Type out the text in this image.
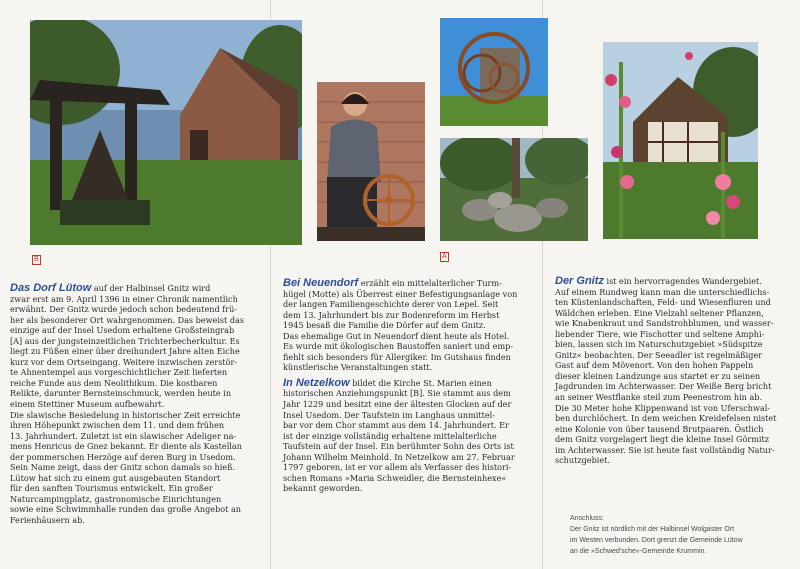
B	A

Das Dorf Lütow auf der Halbinsel Gnitz wird

zwar erst am 9. April 1396 in einer Chronik namentlich

erwähnt. Der Gnitz wurde jedoch schon bedeutend frü-

her als besonderer Ort wahrgenommen. Das beweist das

einzige auf der Insel Usedom erhaltene Großsteingrab

[A] aus der jungsteinzeitlichen Trichterbecherkultur. Es

liegt zu Füßen einer über dreihundert Jahre alten Eiche

kurz vor dem Ortseingang. Weitere inzwischen zerstör-

te Ahnentempel aus vorgeschichtlicher Zeit lieferten

reiche Funde aus dem Neolithikum. Die kostbaren

Relikte, darunter Bernsteinschmuck, werden heute in

einem Stettiner Museum aufbewahrt.

Die slawische Besiedelung in historischer Zeit erreichte

ihren Höhepunkt zwischen dem 11. und dem frühen

13. Jahrhundert. Zuletzt ist ein slawischer Adeliger na-

mens Henricus de Gnez bekannt. Er diente als Kastellan

der pommerschen Herzöge auf deren Burg in Usedom.

Sein Name zeigt, dass der Gnitz schon damals so hieß.

Lütow hat sich zu einem gut ausgebauten Standort

für den sanften Tourismus entwickelt. Ein großer

Naturcampingplatz, gastronomische Einrichtungen

sowie eine Schwimmhalle runden das große Angebot an

Ferienhäusern ab.

Bei Neuendorf erzählt ein mittelalterlicher Turm-

hügel (Motte) als Überrest einer Befestigungsanlage von

der langen Familiengeschichte derer von Lepel. Seit

dem 13. Jahrhundert bis zur Bodenreform im Herbst

1945 besaß die Familie die Dörfer auf dem Gnitz.

Das ehemalige Gut in Neuendorf dient heute als Hotel.

Es wurde mit ökologischen Baustoffen saniert und emp-

fiehlt sich besonders für Allergiker. Im Gutshaus finden

künstlerische Veranstaltungen statt.

In Netzelkow bildet die Kirche St. Marien einen

historischen Anziehungspunkt [B]. Sie stammt aus dem

Jahr 1229 und besitzt eine der ältesten Glocken auf der

Insel Usedom. Der Taufstein im Langhaus unmittel-

bar vor dem Chor stammt aus dem 14. Jahrhundert. Er

ist der einzige vollständig erhaltene mittelalterliche

Taufstein auf der Insel. Ein berühmter Sohn des Orts ist

Johann Wilhelm Meinhold. In Netzelkow am 27. Februar

1797 geboren, ist er vor allem als Verfasser des histori-

schen Romans »Maria Schweidler, die Bernsteinhexe«

bekannt geworden.

Der Gnitz ist ein hervorragendes Wandergebiet.

Auf einem Rundweg kann man die unterschiedlichs-

ten Küstenlandschaften, Feld- und Wiesenfluren und

Wäldchen erleben. Eine Vielzahl seltener Pflanzen,

wie Knabenkraut und Sandstrohblumen, und wasser-

liebender Tiere, wie Fischotter und seltene Amphi-

bien, lassen sich im Naturschutzgebiet »Südspitze

Gnitz« beobachten. Der Seeadler ist regelmäßiger

Gast auf dem Mövenort. Von den hohen Pappeln

dieser kleinen Landzunge aus startet er zu seinen

Jagdrunden im Achterwasser. Der Weiße Berg bricht

an seiner Westflanke steil zum Peenestrom hin ab.

Die 30 Meter hohe Klippenwand ist von Uferschwal-

ben durchlöchert. In dem weichen Kreidefelsen nistet

eine Kolonie von über tausend Brutpaaren. Östlich

dem Gnitz vorgelagert liegt die kleine Insel Görmitz

im Achterwasser. Sie ist heute fast vollständig Natur-

schutzgebiet.

Anschluss:
Der Gnitz ist nördlich mit der Halbinsel Wolgaster Ort
im Westen verbunden. Dort grenzt die Gemeinde Lütow
an die »Schwed'sche«-Gemeinde Krummin.
